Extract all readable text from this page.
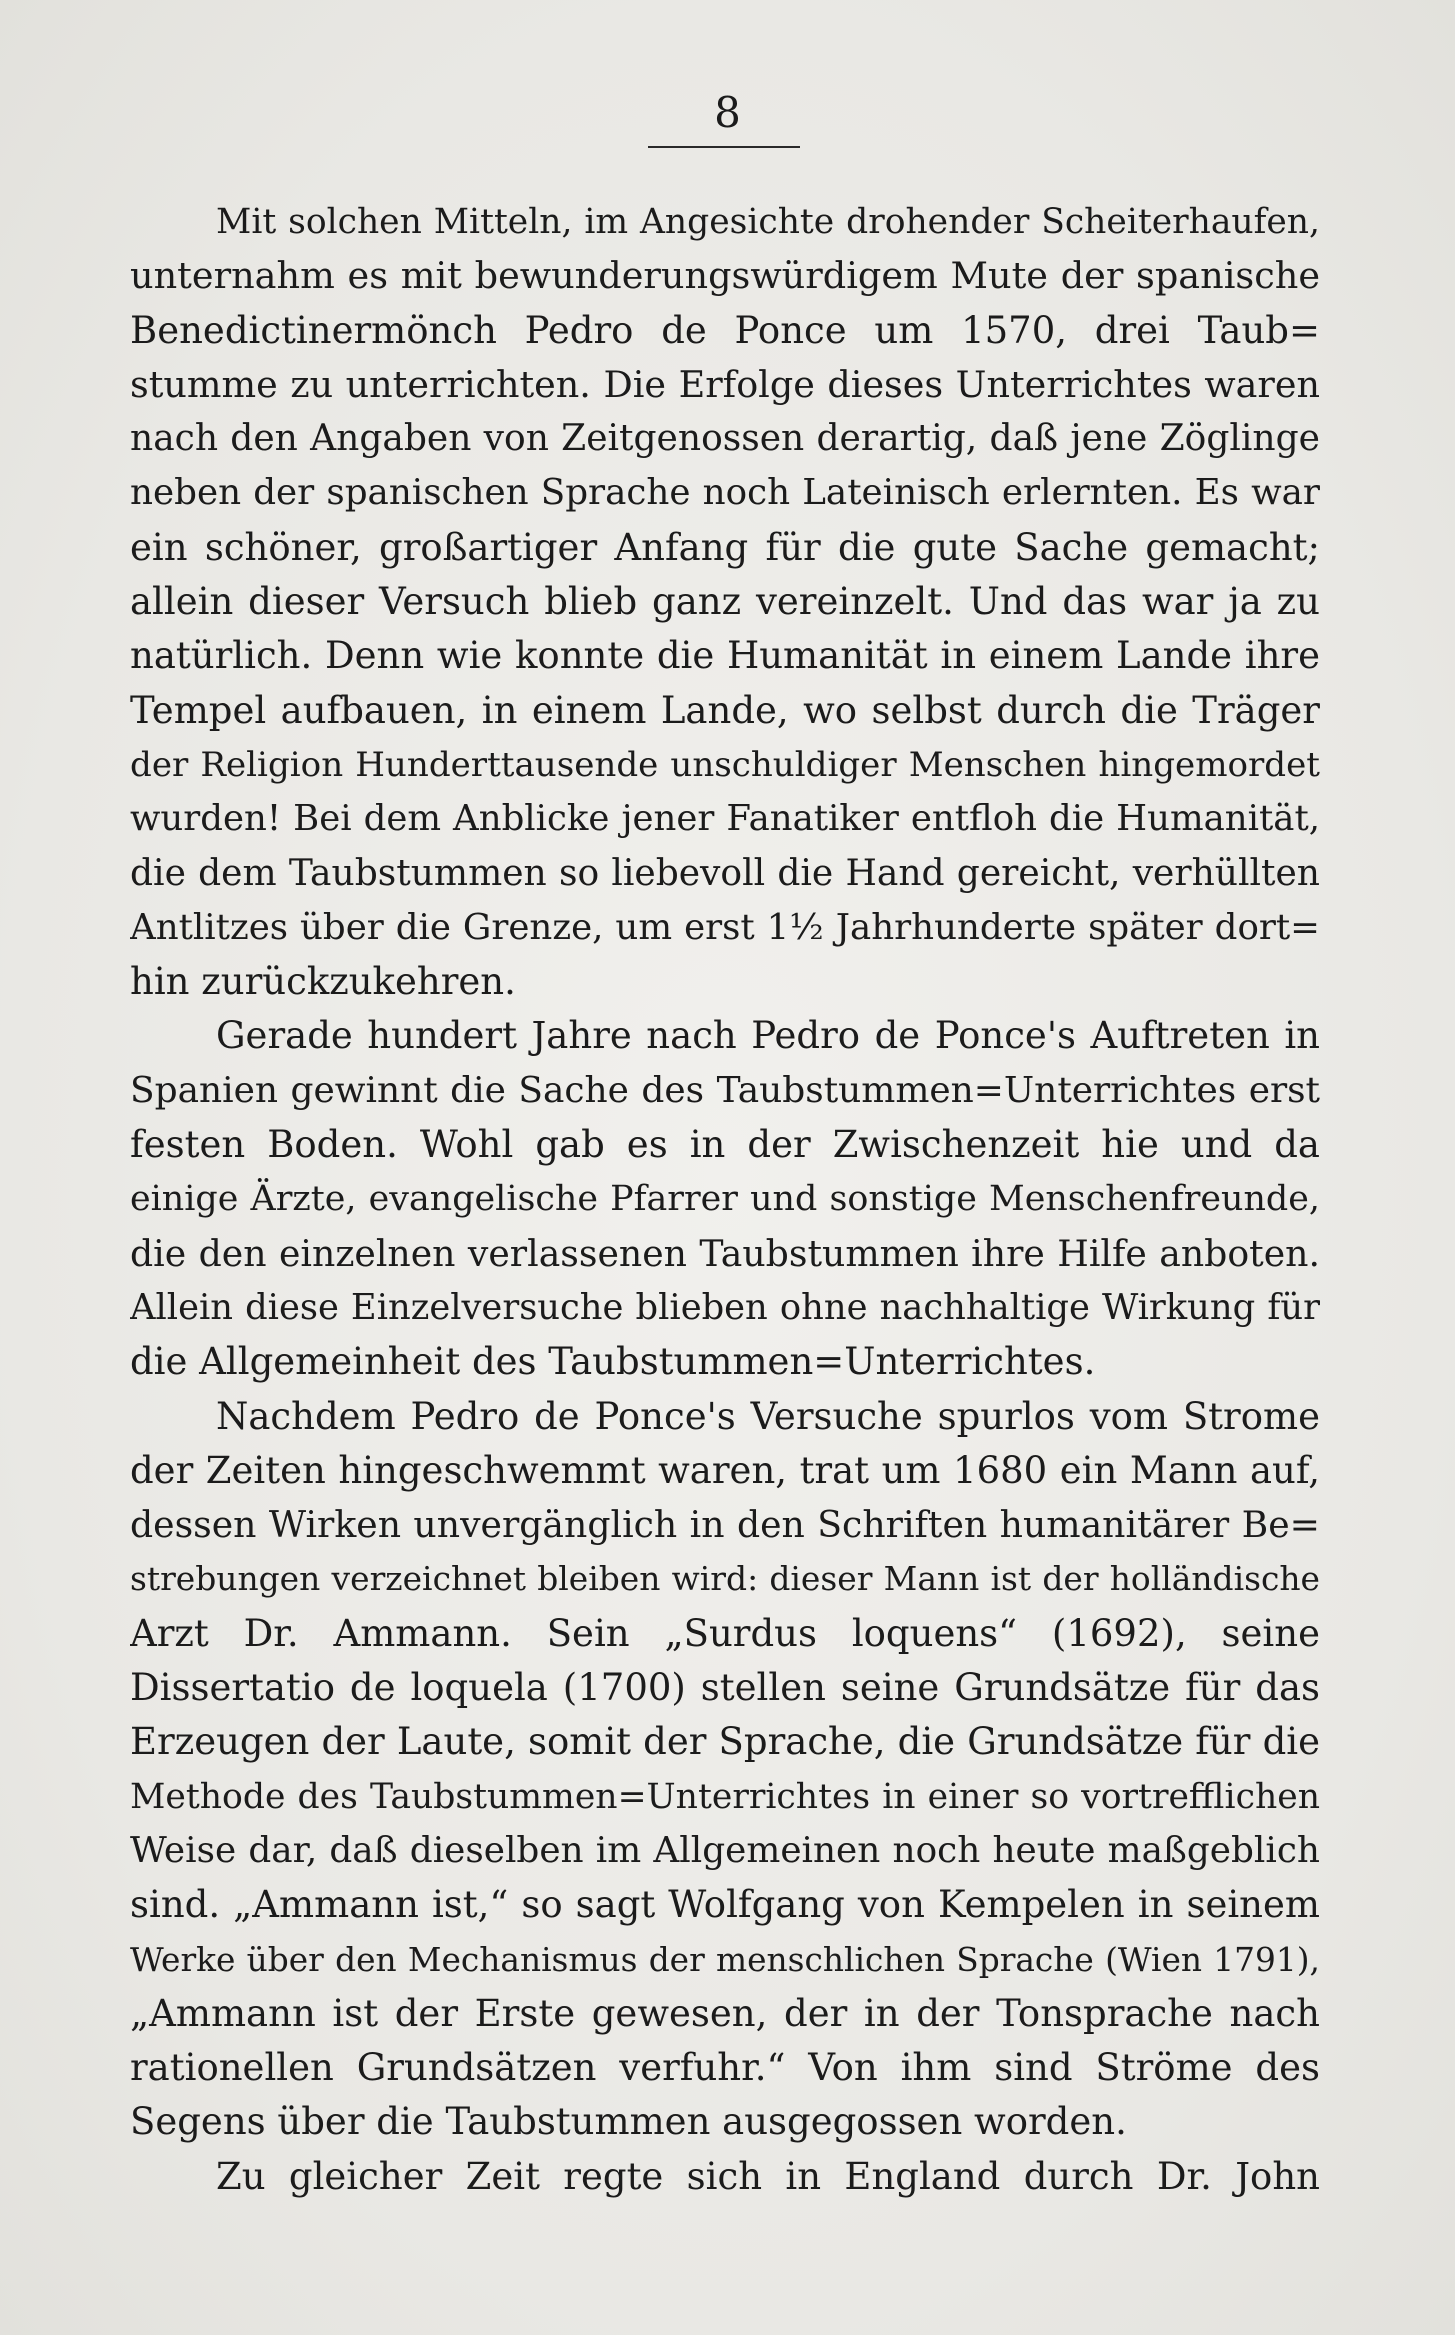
8
Mit solchen Mitteln, im Angesichte drohender Scheiterhaufen,
unternahm es mit bewunderungswürdigem Mute der spanische
Benedictinermönch Pedro de Ponce um 1570, drei Taub=
stumme zu unterrichten. Die Erfolge dieses Unterrichtes waren
nach den Angaben von Zeitgenossen derartig, daß jene Zöglinge
neben der spanischen Sprache noch Lateinisch erlernten. Es war
ein schöner, großartiger Anfang für die gute Sache gemacht;
allein dieser Versuch blieb ganz vereinzelt. Und das war ja zu
natürlich. Denn wie konnte die Humanität in einem Lande ihre
Tempel aufbauen, in einem Lande, wo selbst durch die Träger
der Religion Hunderttausende unschuldiger Menschen hingemordet
wurden! Bei dem Anblicke jener Fanatiker entfloh die Humanität,
die dem Taubstummen so liebevoll die Hand gereicht, verhüllten
Antlitzes über die Grenze, um erst 1½ Jahrhunderte später dort=
hin zurückzukehren.
Gerade hundert Jahre nach Pedro de Ponce's Auftreten in
Spanien gewinnt die Sache des Taubstummen=Unterrichtes erst
festen Boden. Wohl gab es in der Zwischenzeit hie und da
einige Ärzte, evangelische Pfarrer und sonstige Menschenfreunde,
die den einzelnen verlassenen Taubstummen ihre Hilfe anboten.
Allein diese Einzelversuche blieben ohne nachhaltige Wirkung für
die Allgemeinheit des Taubstummen=Unterrichtes.
Nachdem Pedro de Ponce's Versuche spurlos vom Strome
der Zeiten hingeschwemmt waren, trat um 1680 ein Mann auf,
dessen Wirken unvergänglich in den Schriften humanitärer Be=
strebungen verzeichnet bleiben wird: dieser Mann ist der holländische
Arzt Dr. Ammann. Sein „Surdus loquens“ (1692), seine
Dissertatio de loquela (1700) stellen seine Grundsätze für das
Erzeugen der Laute, somit der Sprache, die Grundsätze für die
Methode des Taubstummen=Unterrichtes in einer so vortrefflichen
Weise dar, daß dieselben im Allgemeinen noch heute maßgeblich
sind. „Ammann ist,“ so sagt Wolfgang von Kempelen in seinem
Werke über den Mechanismus der menschlichen Sprache (Wien 1791),
„Ammann ist der Erste gewesen, der in der Tonsprache nach
rationellen Grundsätzen verfuhr.“ Von ihm sind Ströme des
Segens über die Taubstummen ausgegossen worden.
Zu gleicher Zeit regte sich in England durch Dr. John
